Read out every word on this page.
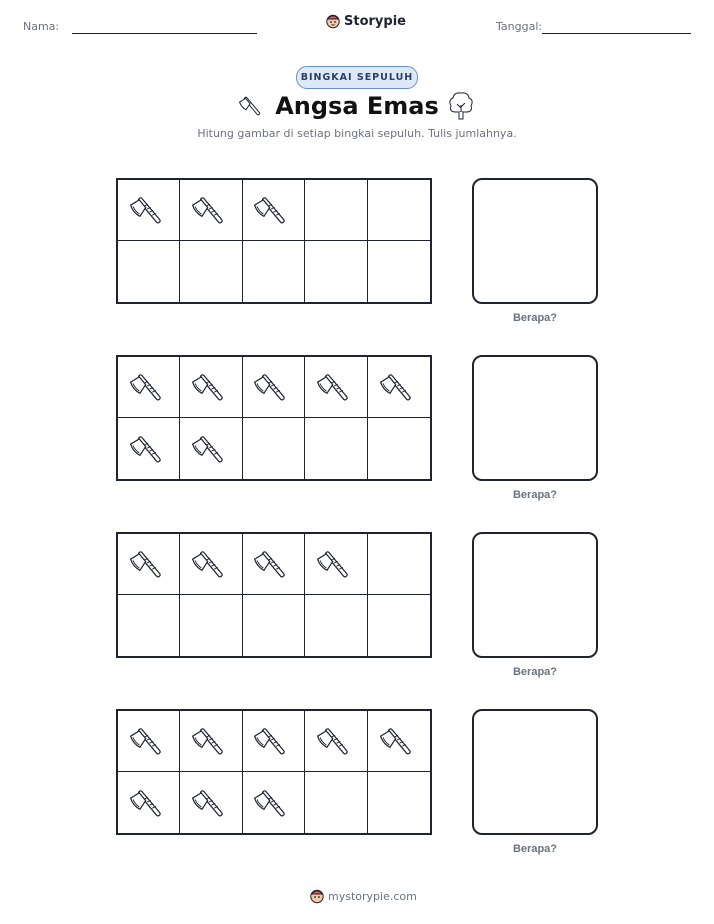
Nama:	Storypie	Tanggal:
BINGKAI SEPULUH
Angsa Emas
Hitung gambar di setiap bingkai sepuluh. Tulis jumlahnya.
Berapa?
Berapa?
Berapa?
Berapa?
mystorypie.com
